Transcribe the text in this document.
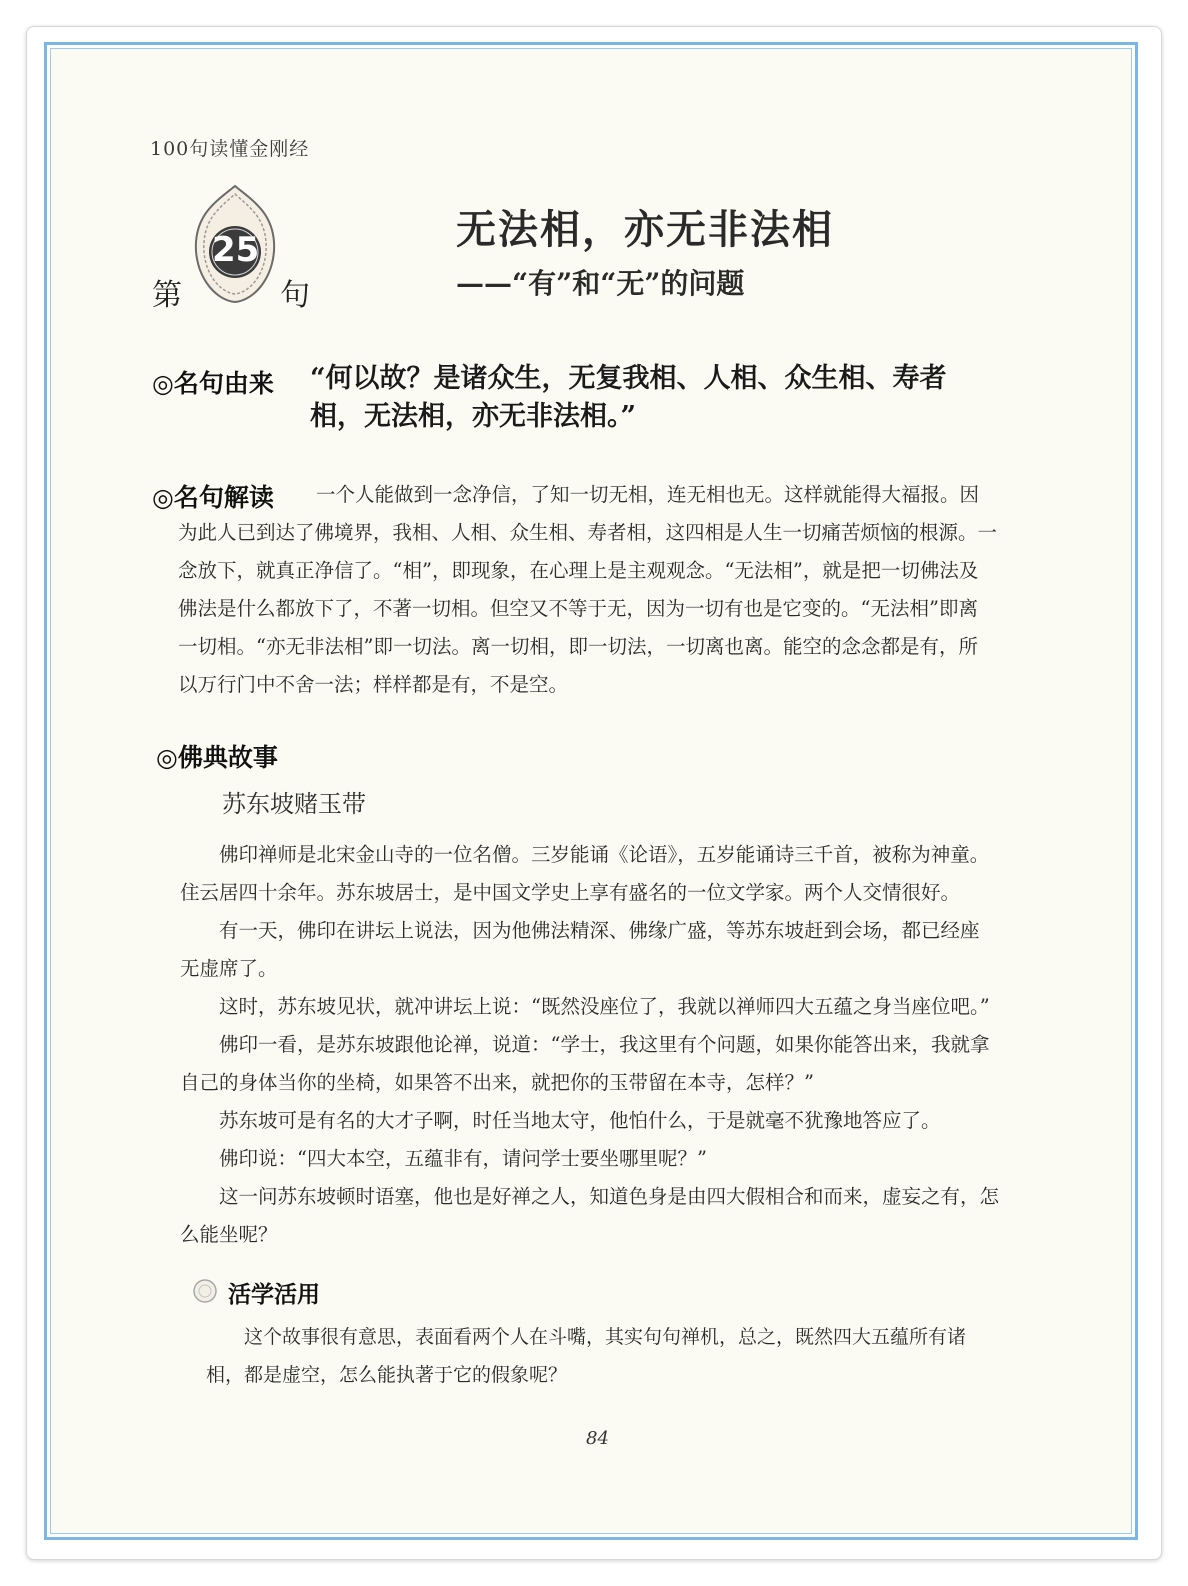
100句读懂金刚经
第
25
句
无法相，亦无非法相
——“有”和“无”的问题
◎名句由来 “何以故？是诸众生，无复我相、人相、众生相、寿者
相，无法相，亦无非法相。”
◎名句解读 一个人能做到一念净信，了知一切无相，连无相也无。这样就能得大福报。因
为此人已到达了佛境界，我相、人相、众生相、寿者相，这四相是人生一切痛苦烦恼的根源。一
念放下，就真正净信了。“相”，即现象，在心理上是主观观念。“无法相”，就是把一切佛法及
佛法是什么都放下了，不著一切相。但空又不等于无，因为一切有也是它变的。“无法相”即离
一切相。“亦无非法相”即一切法。离一切相，即一切法，一切离也离。能空的念念都是有，所
以万行门中不舍一法；样样都是有，不是空。
◎佛典故事
苏东坡赌玉带
佛印禅师是北宋金山寺的一位名僧。三岁能诵《论语》，五岁能诵诗三千首，被称为神童。
住云居四十余年。苏东坡居士，是中国文学史上享有盛名的一位文学家。两个人交情很好。
有一天，佛印在讲坛上说法，因为他佛法精深、佛缘广盛，等苏东坡赶到会场，都已经座
无虚席了。
这时，苏东坡见状，就冲讲坛上说：“既然没座位了，我就以禅师四大五蕴之身当座位吧。”
佛印一看，是苏东坡跟他论禅，说道：“学士，我这里有个问题，如果你能答出来，我就拿
自己的身体当你的坐椅，如果答不出来，就把你的玉带留在本寺，怎样？”
苏东坡可是有名的大才子啊，时任当地太守，他怕什么，于是就毫不犹豫地答应了。
佛印说：“四大本空，五蕴非有，请问学士要坐哪里呢？”
这一问苏东坡顿时语塞，他也是好禅之人，知道色身是由四大假相合和而来，虚妄之有，怎
么能坐呢？
活学活用
这个故事很有意思，表面看两个人在斗嘴，其实句句禅机，总之，既然四大五蕴所有诸
相，都是虚空，怎么能执著于它的假象呢？
84
